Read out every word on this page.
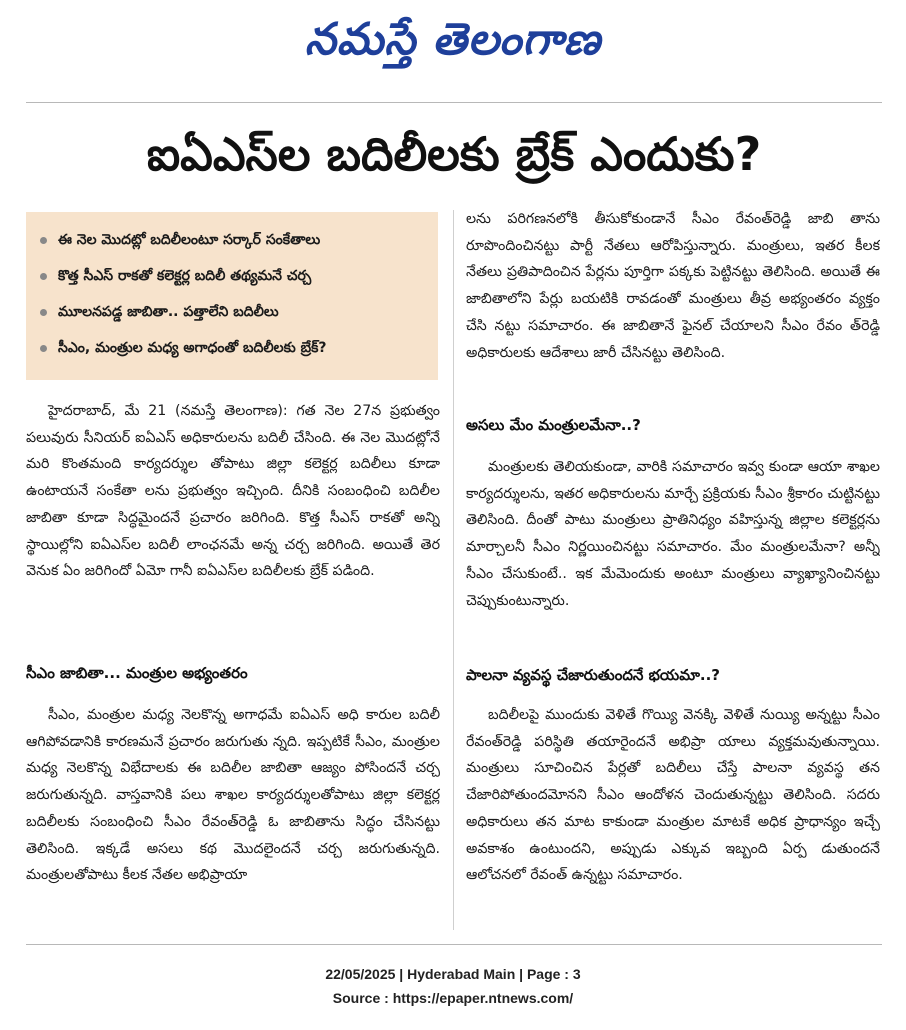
నమస్తే తెలంగాణ
ఐఏఎస్‌ల బదిలీలకు బ్రేక్‌ ఎందుకు?
ఈ నెల మొదట్లో బదిలీలంటూ సర్కార్‌ సంకేతాలు
కొత్త సీఎస్‌ రాకతో కలెక్టర్ల బదిలీ తథ్యమనే చర్చ
మూలనపడ్డ జాబితా.. పత్తాలేని బదిలీలు
సీఎం, మంత్రుల మధ్య అగాధంతో బదిలీలకు బ్రేక్‌?

హైదరాబాద్‌, మే 21 (నమస్తే తెలంగాణ): గత నెల 27న ప్రభుత్వం పలువురు సీనియర్‌ ఐఏఎస్‌ అధికారులను బదిలీ చేసింది. ఈ నెల మొదట్లోనే మరి కొంతమంది కార్యదర్శుల తోపాటు జిల్లా కలెక్టర్ల బదిలీలు కూడా ఉంటాయనే సంకేతా లను ప్రభుత్వం ఇచ్చింది. దీనికి సంబంధించి బదిలీల జాబితా కూడా సిద్ధమైందనే ప్రచారం జరిగింది. కొత్త సీఎస్‌ రాకతో అన్ని స్థాయిల్లోని ఐఏఎస్‌ల బదిలీ లాంఛనమే అన్న చర్చ జరిగింది. అయితే తెర వెనుక ఏం జరిగిందో ఏమో గానీ ఐఏఎస్‌ల బదిలీలకు బ్రేక్‌ పడింది.

సీఎం జాబితా... మంత్రుల అభ్యంతరం

సీఎం, మంత్రుల మధ్య నెలకొన్న అగాధమే ఐఏఎస్‌ అధి కారుల బదిలీ ఆగిపోవడానికి కారణమనే ప్రచారం జరుగుతు న్నది. ఇప్పటికే సీఎం, మంత్రుల మధ్య నెలకొన్న విభేదాలకు ఈ బదిలీల జాబితా ఆజ్యం పోసిందనే చర్చ జరుగుతున్నది. వాస్తవానికి పలు శాఖల కార్యదర్శులతోపాటు జిల్లా కలెక్టర్ల బదిలీలకు సంబంధించి సీఎం రేవంత్‌రెడ్డి ఓ జాబితాను సిద్ధం చేసినట్టు తెలిసింది. ఇక్కడే అసలు కథ మొదలైందనే చర్చ జరుగుతున్నది. మంత్రులతోపాటు కీలక నేతల అభిప్రాయా

లను పరిగణనలోకి తీసుకోకుండానే సీఎం రేవంత్‌రెడ్డి జాబి తాను రూపొందించినట్టు పార్టీ నేతలు ఆరోపిస్తున్నారు. మంత్రులు, ఇతర కీలక నేతలు ప్రతిపాదించిన పేర్లను పూర్తిగా పక్కకు పెట్టినట్టు తెలిసింది. అయితే ఈ జాబితాలోని పేర్లు బయటికి రావడంతో మంత్రులు తీవ్ర అభ్యంతరం వ్యక్తం చేసి నట్టు సమాచారం. ఈ జాబితానే ఫైనల్‌ చేయాలని సీఎం రేవం త్‌రెడ్డి అధికారులకు ఆదేశాలు జారీ చేసినట్టు తెలిసింది.

అసలు మేం మంత్రులమేనా..?

మంత్రులకు తెలియకుండా, వారికి సమాచారం ఇవ్వ కుండా ఆయా శాఖల కార్యదర్శులను, ఇతర అధికారులను మార్చే ప్రక్రియకు సీఎం శ్రీకారం చుట్టినట్టు తెలిసింది. దీంతో పాటు మంత్రులు ప్రాతినిధ్యం వహిస్తున్న జిల్లాల కలెక్టర్లను మార్చాలనీ సీఎం నిర్ణయించినట్టు సమాచారం. మేం మంత్రులమేనా? అన్నీ సీఎం చేసుకుంటే.. ఇక మేమెందుకు అంటూ మంత్రులు వ్యాఖ్యానించినట్టు చెప్పుకుంటున్నారు.

పాలనా వ్యవస్థ చేజారుతుందనే భయమా..?

బదిలీలపై ముందుకు వెళితే గొయ్యి వెనక్కి వెళితే నుయ్యి అన్నట్టు సీఎం రేవంత్‌రెడ్డి పరిస్థితి తయారైందనే అభిప్రా యాలు వ్యక్తమవుతున్నాయి. మంత్రులు సూచించిన పేర్లతో బదిలీలు చేస్తే పాలనా వ్యవస్థ తన చేజారిపోతుందమోనని సీఎం ఆందోళన చెందుతున్నట్టు తెలిసింది. సదరు అధికారులు తన మాట కాకుండా మంత్రుల మాటకే అధిక ప్రాధాన్యం ఇచ్చే అవకాశం ఉంటుందని, అప్పుడు ఎక్కువ ఇబ్బంది ఏర్ప డుతుందనే ఆలోచనలో రేవంత్‌ ఉన్నట్టు సమాచారం.

22/05/2025 | Hyderabad Main | Page : 3
Source : https://epaper.ntnews.com/
